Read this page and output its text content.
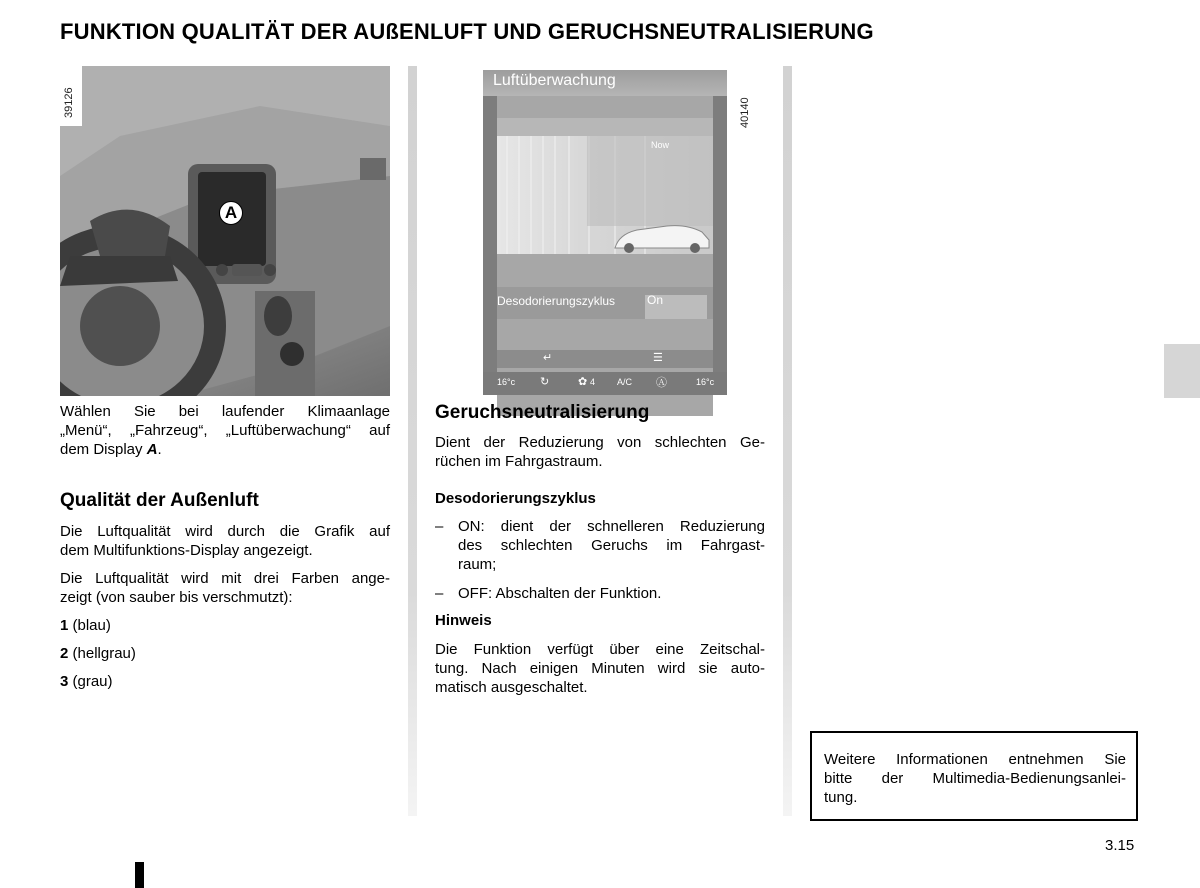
FUNKTION QUALITÄT DER AUßENLUFT UND GERUCHSNEUTRALISIERUNG
39126
A

Wählen Sie bei laufender Klimaanlage

„Menü“, „Fahrzeug“, „Luftüberwachung“ auf

dem Display A.

Qualität der Außenluft

Die Luftqualität wird durch die Grafik auf

dem Multifunktions-Display angezeigt.

Die Luftqualität wird mit drei Farben ange-

zeigt (von sauber bis verschmutzt):

1 (blau)
2 (hellgrau)
3 (grau)
Luftüberwachung
Now
Desodorierungszyklus	On
↵	☰
16°c ↻	✿ 4 A/C Ⓐ	16°c
40140
Geruchsneutralisierung

Dient der Reduzierung von schlechten Ge-

rüchen im Fahrgastraum.

Desodorierungszyklus
– ON: dient der schnelleren Reduzierung

des schlechten Geruchs im Fahrgast-

raum;

– OFF: Abschalten der Funktion.

Hinweis

Die Funktion verfügt über eine Zeitschal-

tung. Nach einigen Minuten wird sie auto-

matisch ausgeschaltet.

Weitere Informationen entnehmen Sie

bitte der Multimedia-Bedienungsanlei-

tung.

3.15
